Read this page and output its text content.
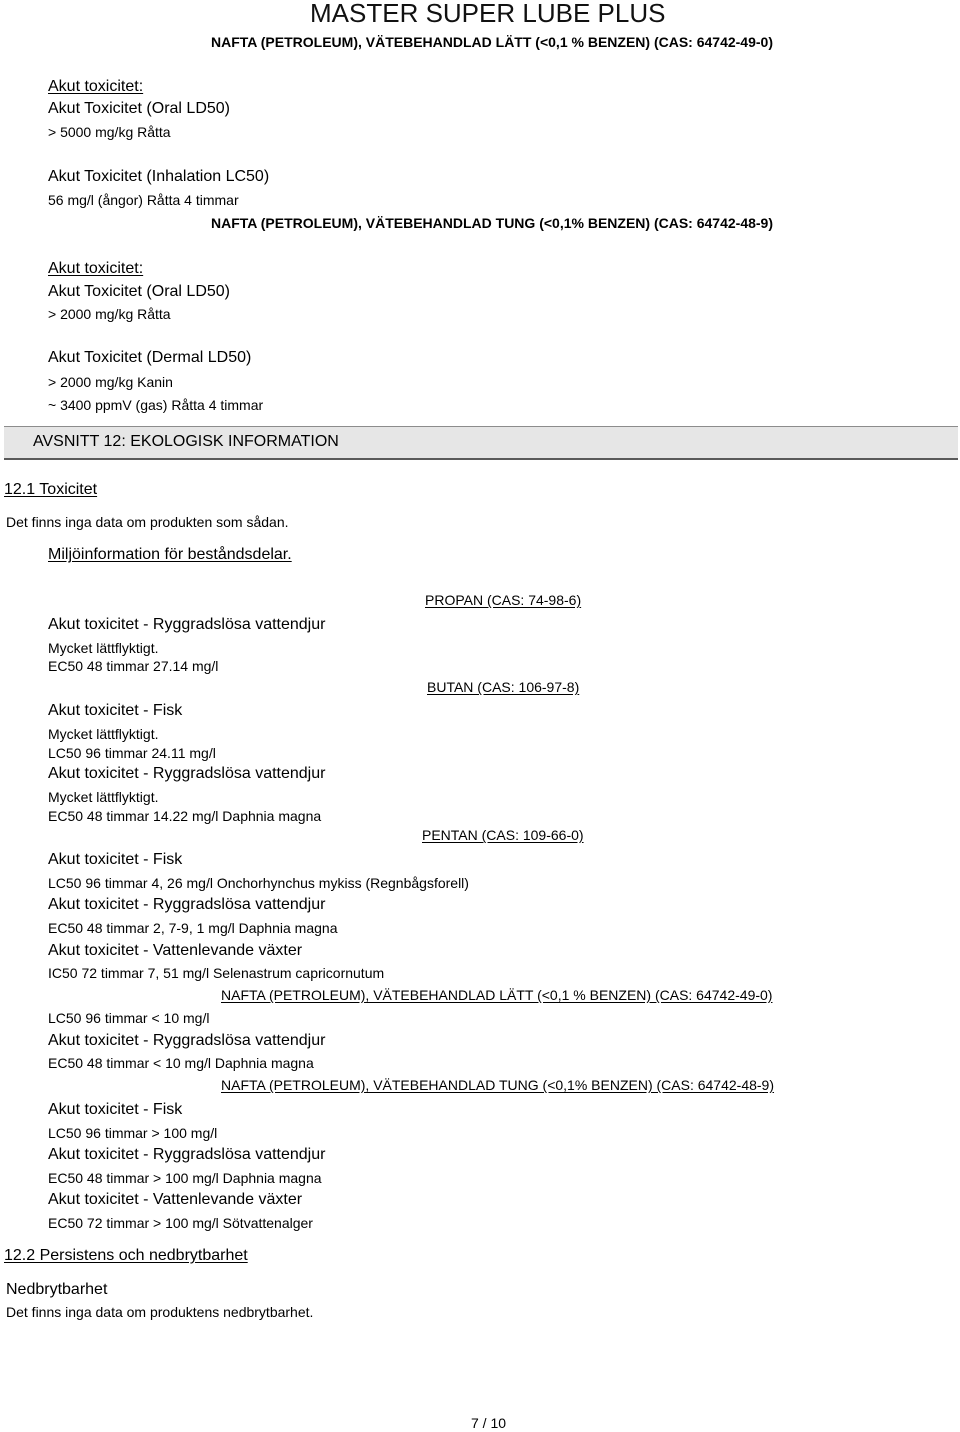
MASTER SUPER LUBE PLUS
NAFTA (PETROLEUM), VÄTEBEHANDLAD LÄTT (<0,1 % BENZEN) (CAS: 64742-49-0)
Akut toxicitet:
Akut Toxicitet (Oral LD50)
> 5000 mg/kg Råtta
Akut Toxicitet (Inhalation LC50)
56 mg/l (ångor) Råtta 4 timmar
NAFTA (PETROLEUM), VÄTEBEHANDLAD TUNG (<0,1% BENZEN) (CAS: 64742-48-9)
Akut toxicitet:
Akut Toxicitet (Oral LD50)
> 2000 mg/kg Råtta
Akut Toxicitet (Dermal LD50)
> 2000 mg/kg Kanin
~ 3400 ppmV (gas) Råtta 4 timmar
AVSNITT 12: EKOLOGISK INFORMATION
12.1 Toxicitet
Det finns inga data om produkten som sådan.
Miljöinformation för beståndsdelar.
PROPAN (CAS: 74-98-6)
Akut toxicitet - Ryggradslösa vattendjur
Mycket lättflyktigt.
EC50 48 timmar 27.14 mg/l
BUTAN (CAS: 106-97-8)
Akut toxicitet - Fisk
Mycket lättflyktigt.
LC50 96 timmar 24.11 mg/l
Akut toxicitet - Ryggradslösa vattendjur
Mycket lättflyktigt.
EC50 48 timmar 14.22 mg/l Daphnia magna
PENTAN (CAS: 109-66-0)
Akut toxicitet - Fisk
LC50 96 timmar 4, 26 mg/l Onchorhynchus mykiss (Regnbågsforell)
Akut toxicitet - Ryggradslösa vattendjur
EC50 48 timmar 2, 7-9, 1 mg/l Daphnia magna
Akut toxicitet - Vattenlevande växter
IC50 72 timmar 7, 51 mg/l Selenastrum capricornutum
NAFTA (PETROLEUM), VÄTEBEHANDLAD LÄTT (<0,1 % BENZEN) (CAS: 64742-49-0)
LC50 96 timmar < 10 mg/l
Akut toxicitet - Ryggradslösa vattendjur
EC50 48 timmar < 10 mg/l Daphnia magna
NAFTA (PETROLEUM), VÄTEBEHANDLAD TUNG (<0,1% BENZEN) (CAS: 64742-48-9)
Akut toxicitet - Fisk
LC50 96 timmar > 100 mg/l
Akut toxicitet - Ryggradslösa vattendjur
EC50 48 timmar > 100 mg/l Daphnia magna
Akut toxicitet - Vattenlevande växter
EC50 72 timmar > 100 mg/l Sötvattenalger
12.2 Persistens och nedbrytbarhet
Nedbrytbarhet
Det finns inga data om produktens nedbrytbarhet.
7 / 10
